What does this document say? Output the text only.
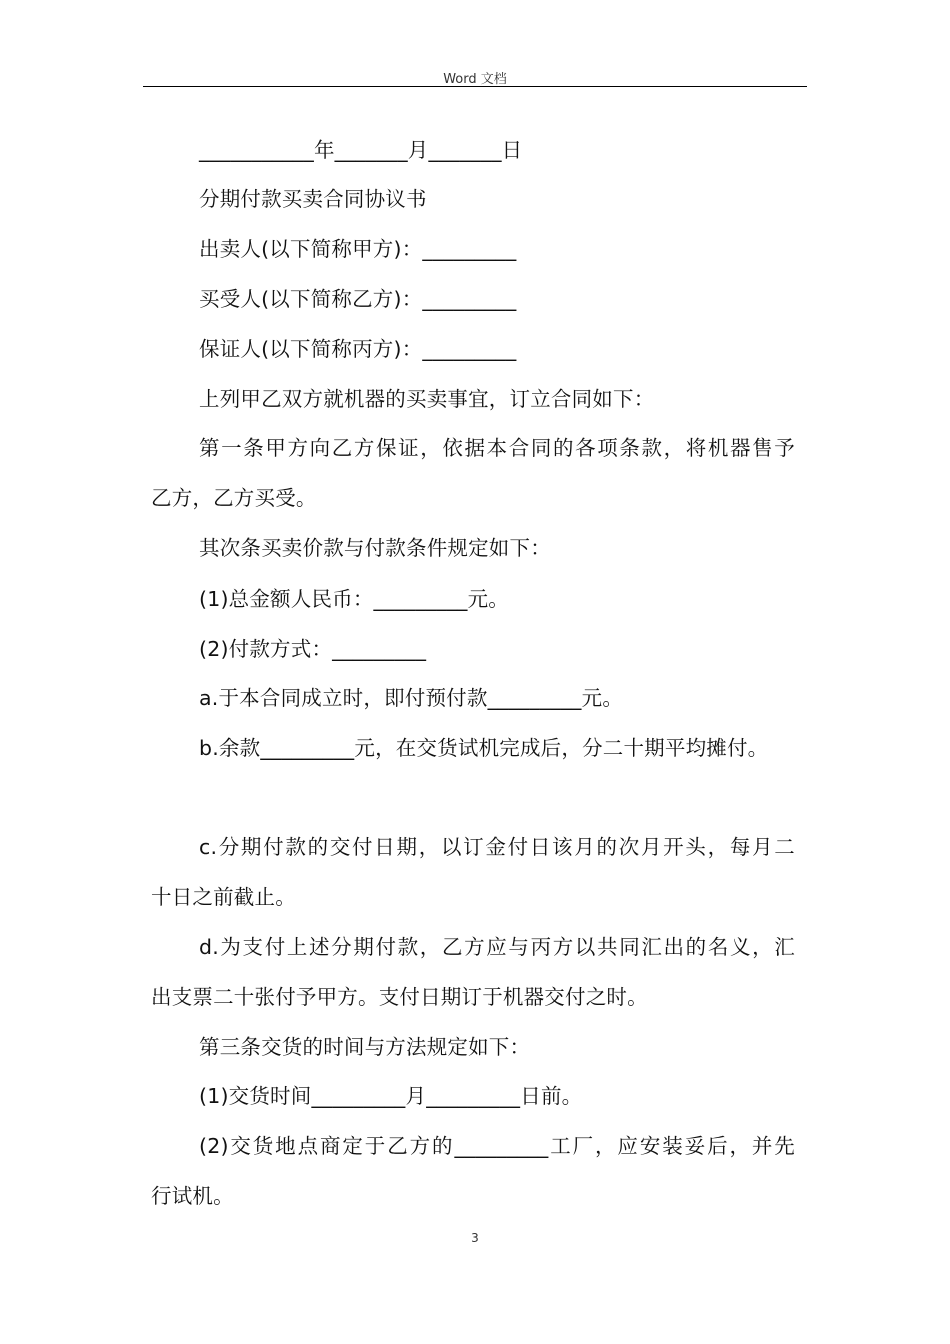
Word 文档
___________年_______月_______日
分期付款买卖合同协议书
出卖人(以下简称甲方)：_________
买受人(以下简称乙方)：_________
保证人(以下简称丙方)：_________
上列甲乙双方就机器的买卖事宜，订立合同如下：
第一条甲方向乙方保证，依据本合同的各项条款，将机器售予
乙方，乙方买受。
其次条买卖价款与付款条件规定如下：
(1)总金额人民币：_________元。
(2)付款方式：_________
a.于本合同成立时，即付预付款_________元。
b.余款_________元，在交货试机完成后，分二十期平均摊付。
c.分期付款的交付日期，以订金付日该月的次月开头，每月二
十日之前截止。
d.为支付上述分期付款，乙方应与丙方以共同汇出的名义，汇
出支票二十张付予甲方。支付日期订于机器交付之时。
第三条交货的时间与方法规定如下：
(1)交货时间_________月_________日前。
(2)交货地点商定于乙方的_________工厂，应安装妥后，并先
行试机。
3
